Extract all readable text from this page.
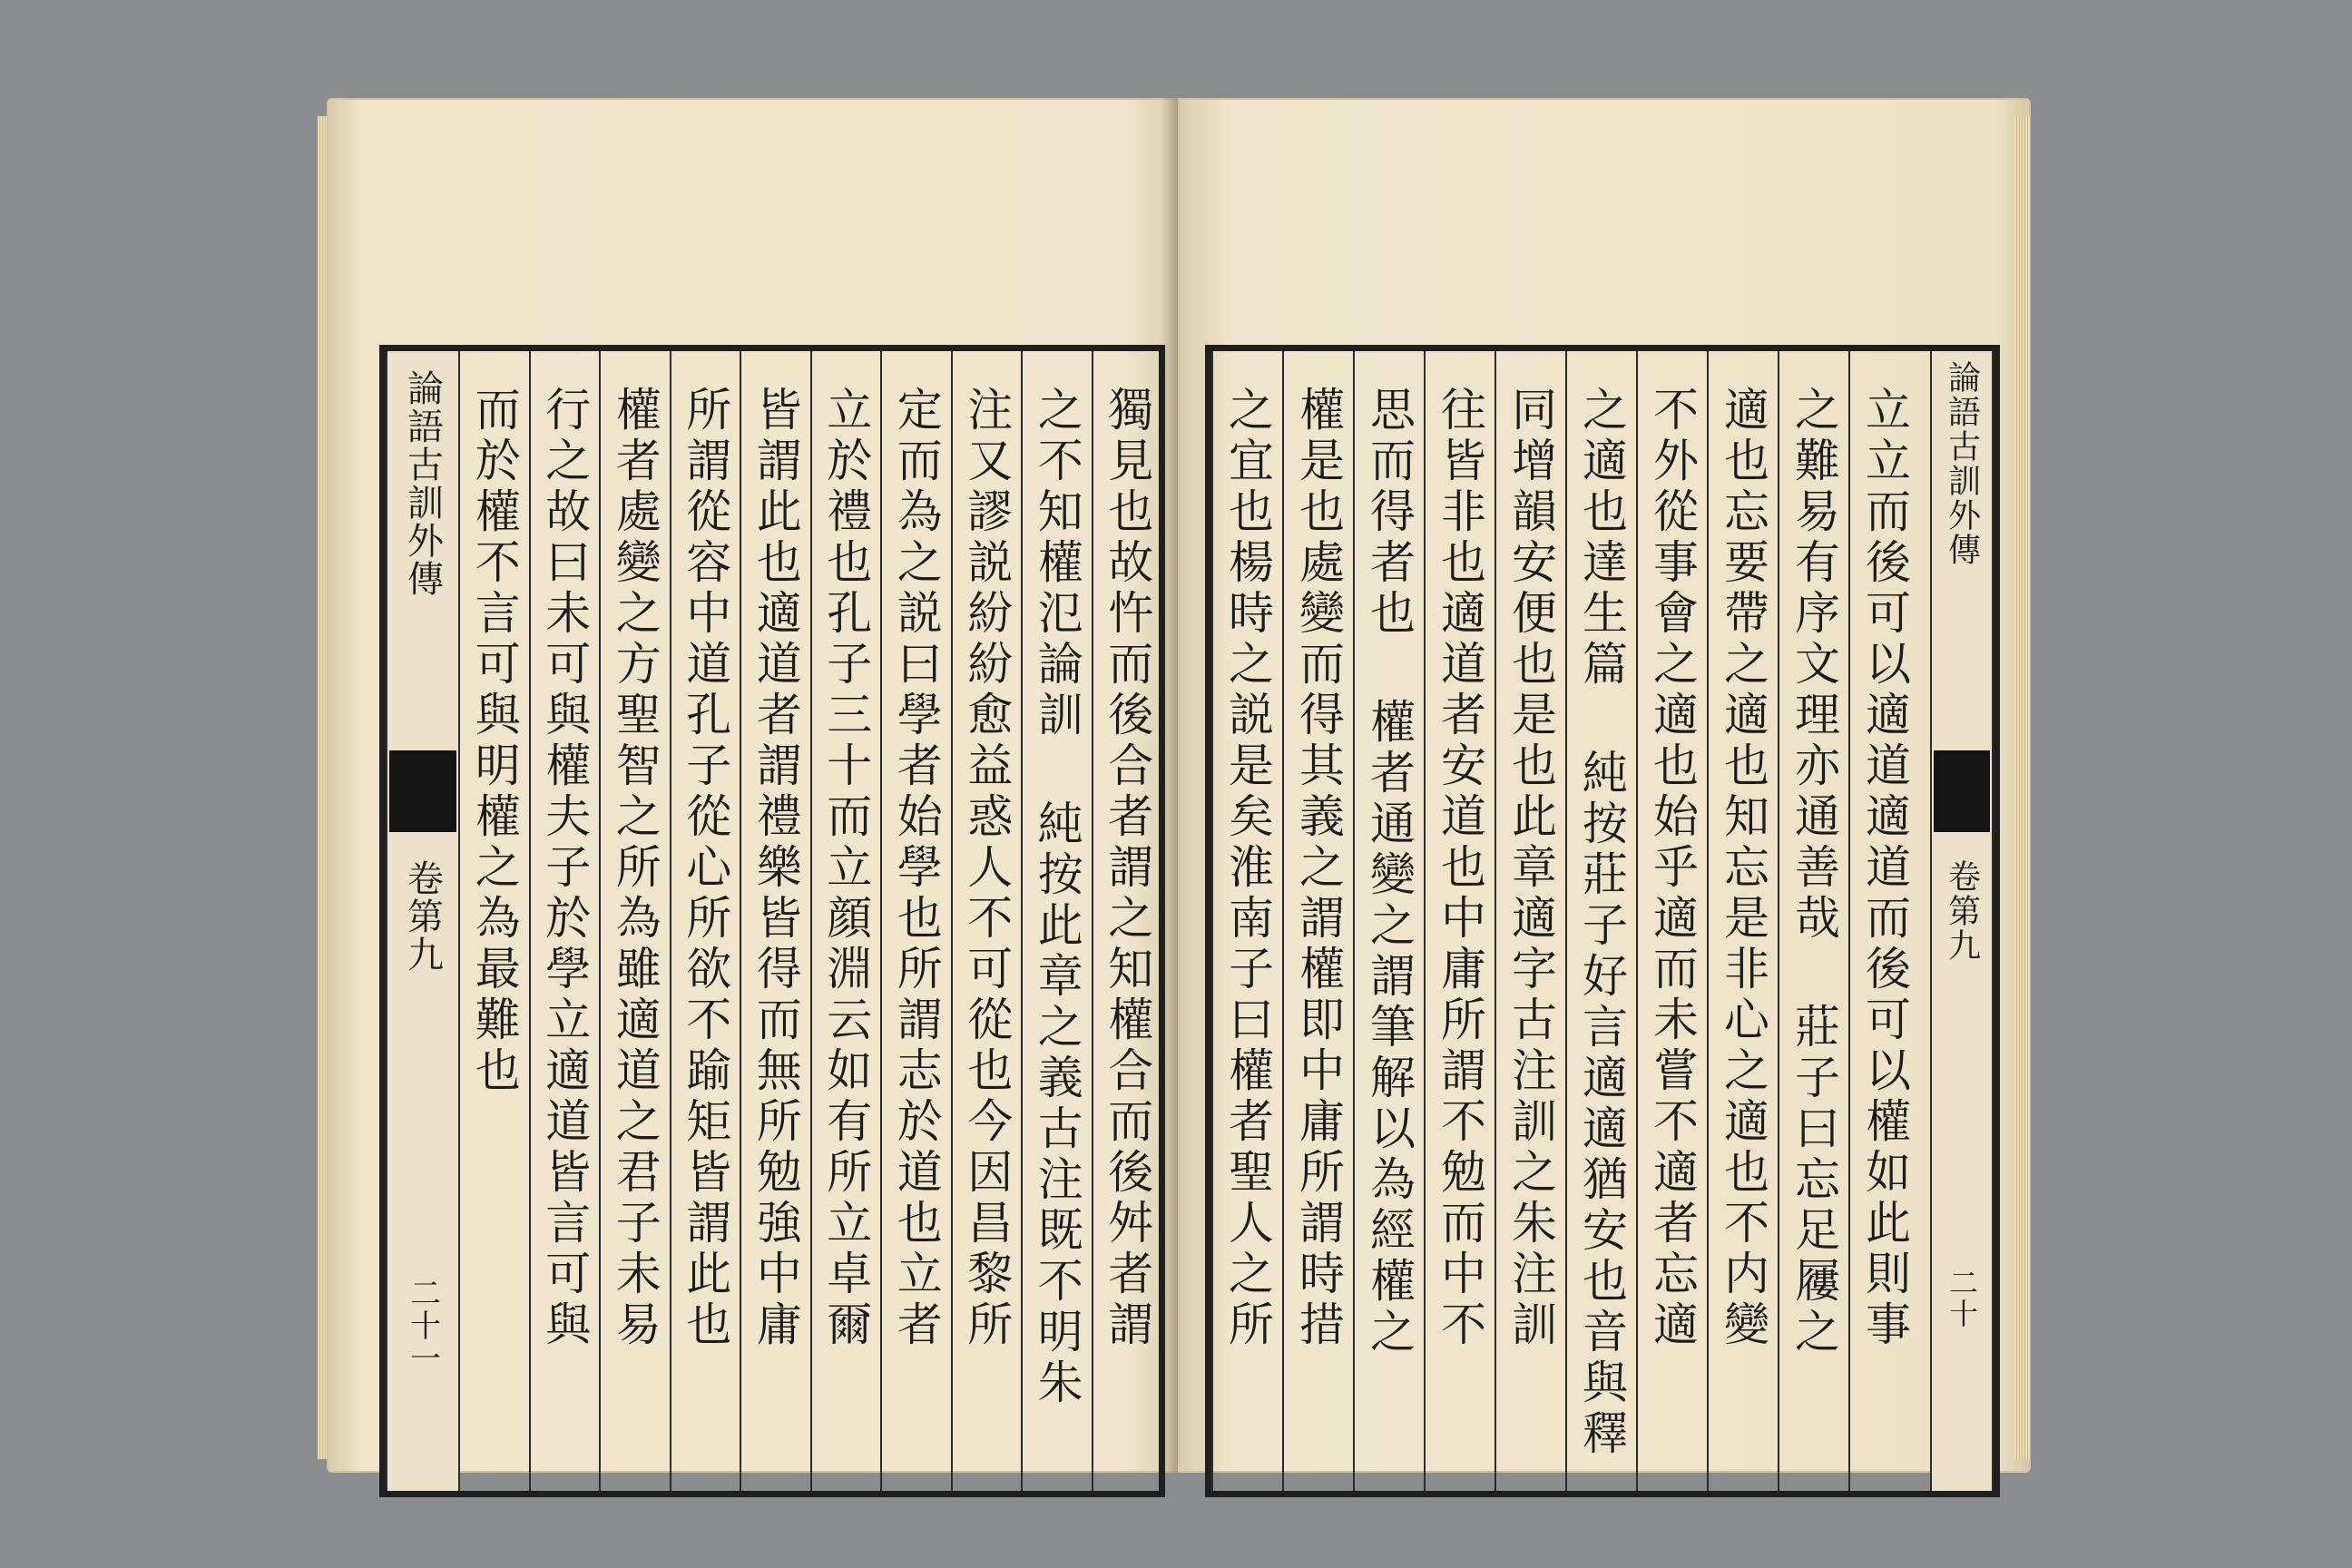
論語古訓外傳
卷第九
二十一
而於權不言可與明權之為最難也 行之故曰未可與權夫子於學立適道皆言可與 權者處變之方聖智之所為雖適道之君子未易 所謂從容中道孔子從心所欲不踰矩皆謂此也 皆謂此也適道者謂禮樂皆得而無所勉強中庸 立於禮也孔子三十而立顔淵云如有所立卓爾 定而為之説曰學者始學也所謂志於道也立者 注又謬説紛紛愈益惑人不可從也今因昌黎所 之不知權氾論訓 純按此章之義古注既不明朱 獨見也故忤而後合者謂之知權合而後舛者謂 之宜也楊時之説是矣淮南子曰權者聖人之所 權是也處變而得其義之謂權即中庸所謂時措 思而得者也 權者通變之謂筆解以為經權之 往皆非也適道者安道也中庸所謂不勉而中不 同增韻安便也是也此章適字古注訓之朱注訓 之適也達生篇 純按莊子好言適適猶安也音與釋 不外從事會之適也始乎適而未嘗不適者忘適 適也忘要帶之適也知忘是非心之適也不内變 之難易有序文理亦通善哉 莊子曰忘足屨之 立立而後可以適道適道而後可以權如此則事 論語古訓外傳
卷第九
二十
